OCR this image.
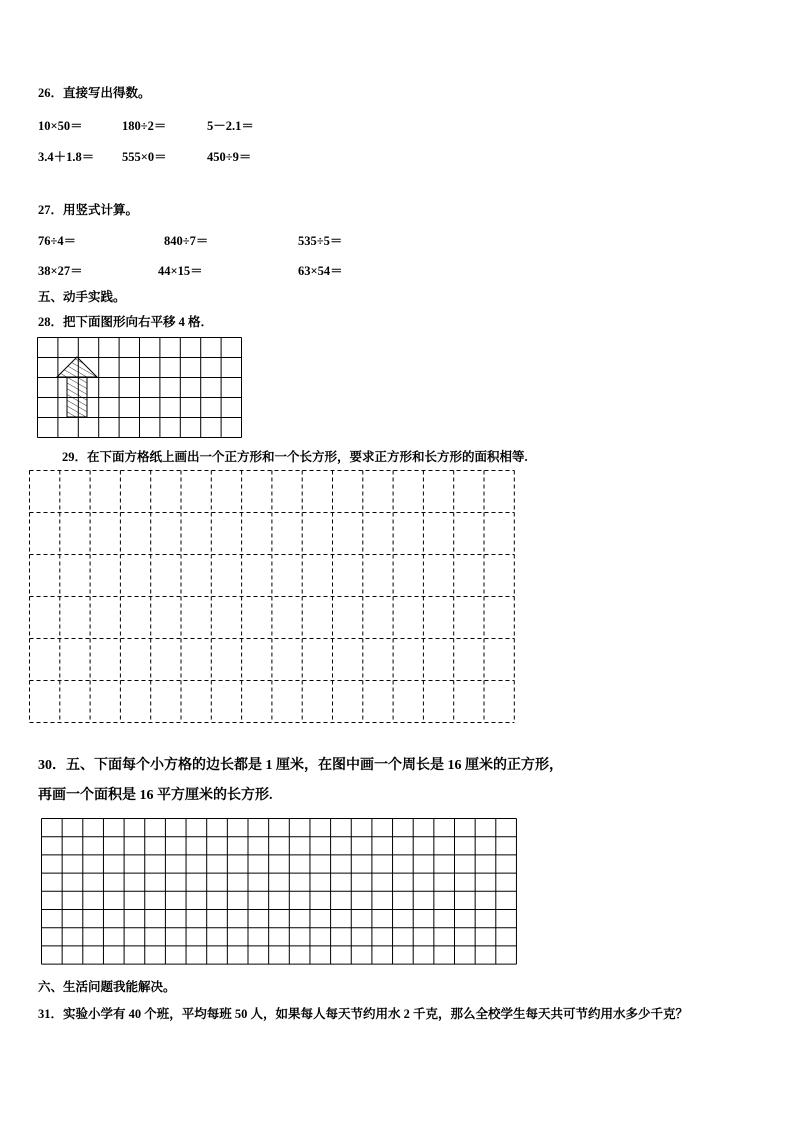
26．直接写出得数。
10×50＝	180÷2＝	5－2.1＝
3.4＋1.8＝ 555×0＝	450÷9＝
27．用竖式计算。
76÷4＝	840÷7＝	535÷5＝
38×27＝	44×15＝	63×54＝
五、动手实践。
28．把下面图形向右平移 4 格．
29．在下面方格纸上画出一个正方形和一个长方形，要求正方形和长方形的面积相等.
30．五、下面每个小方格的边长都是 1 厘米，在图中画一个周长是 16 厘米的正方形，
再画一个面积是 16 平方厘米的长方形.
六、生活问题我能解决。
31．实验小学有 40 个班，平均每班 50 人，如果每人每天节约用水 2 千克，那么全校学生每天共可节约用水多少千克？
